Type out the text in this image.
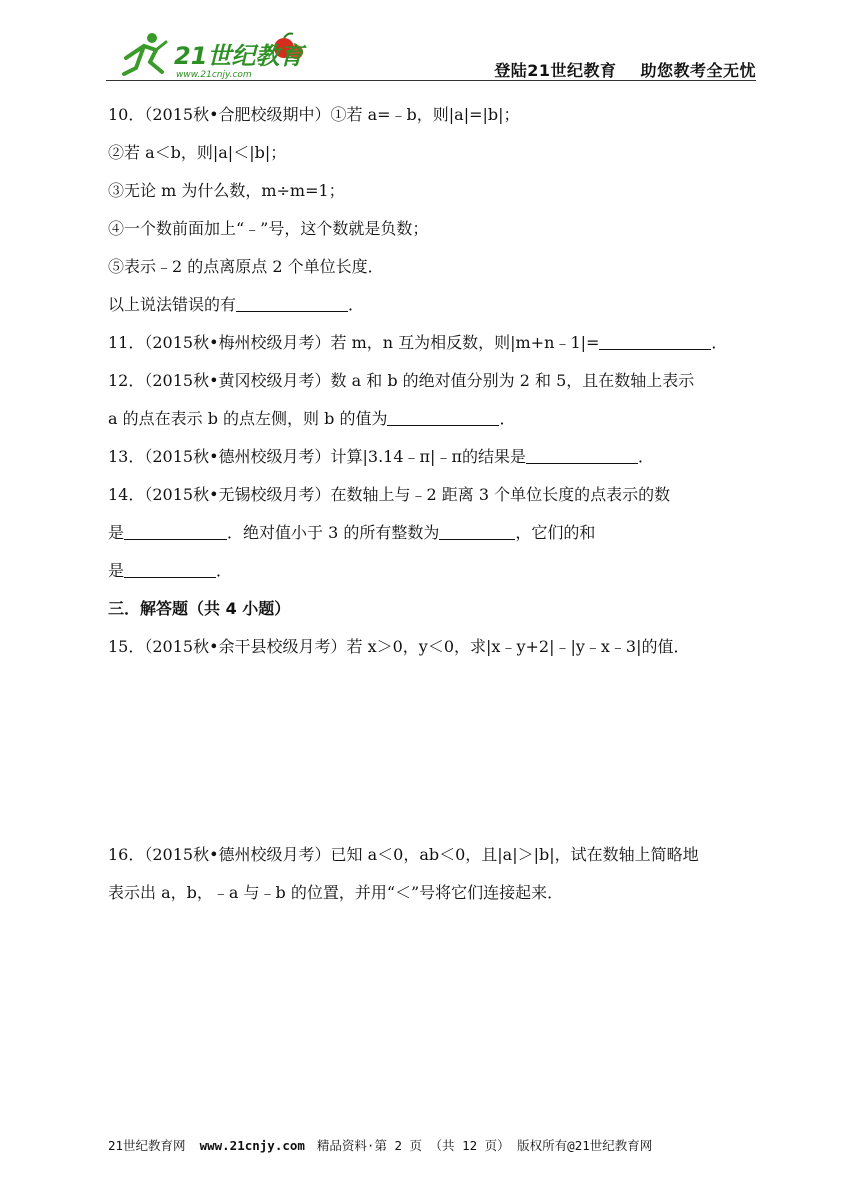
21世纪教育
www.21cnjy.com	登陆21世纪教育 助您教考全无忧
10．（2015秋•合肥校级期中）①若 a=﹣b，则|a|=|b|；
②若 a＜b，则|a|＜|b|；
③无论 m 为什么数，m÷m=1；
④一个数前面加上“﹣”号，这个数就是负数；
⑤表示﹣2 的点离原点 2 个单位长度．
以上说法错误的有	．
11．（2015秋•梅州校级月考）若 m，n 互为相反数，则|m+n﹣1|=	．
12．（2015秋•黄冈校级月考）数 a 和 b 的绝对值分别为 2 和 5，且在数轴上表示
a 的点在表示 b 的点左侧，则 b 的值为	．
13．（2015秋•德州校级月考）计算|3.14﹣π|﹣π的结果是	．
14．（2015秋•无锡校级月考）在数轴上与﹣2 距离 3 个单位长度的点表示的数
是	．绝对值小于 3 的所有整数为	，它们的和
是	．
三．解答题（共 4 小题）
15．（2015秋•余干县校级月考）若 x＞0，y＜0，求|x﹣y+2|﹣|y﹣x﹣3|的值．
16．（2015秋•德州校级月考）已知 a＜0，ab＜0，且|a|＞|b|，试在数轴上简略地
表示出 a，b，﹣a 与﹣b 的位置，并用“＜”号将它们连接起来．
21世纪教育网 www.21cnjy.com 精品资料·第 2 页 （共 12 页） 版权所有@21世纪教育网
